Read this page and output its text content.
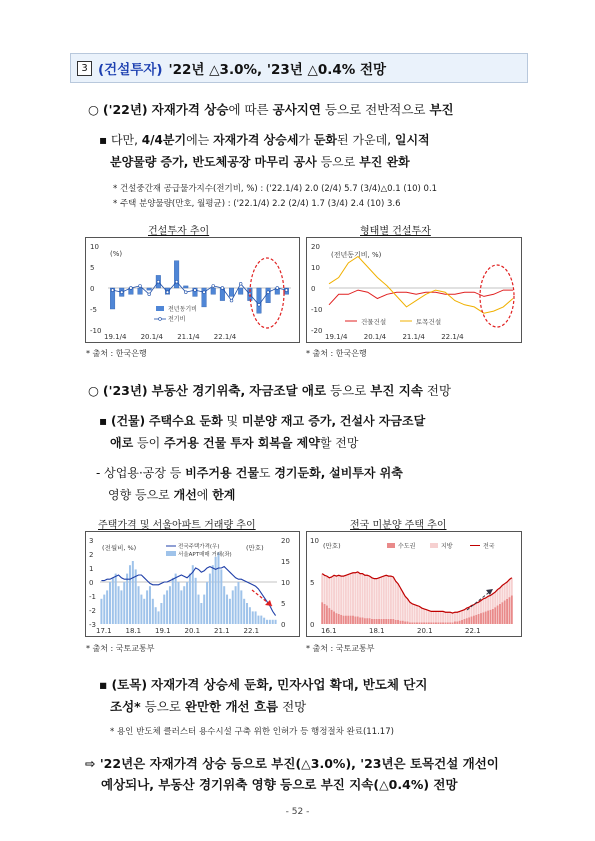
3 (건설투자) '22년 △3.0%, '23년 △0.4% 전망
○ ('22년) 자재가격 상승에 따른 공사지연 등으로 전반적으로 부진
▪ 다만, 4/4분기에는 자재가격 상승세가 둔화된 가운데, 일시적
분양물량 증가, 반도체공장 마무리 공사 등으로 부진 완화
* 건설중간재 공급물가지수(전기비, %) : ('22.1/4) 2.0 (2/4) 5.7 (3/4)△0.1 (10) 0.1
* 주택 분양물량(만호, 월평균) : ('22.1/4) 2.2 (2/4) 1.7 (3/4) 2.4 (10) 3.6
건설투자 추이	형태별 건설투자
10
5
0
-5
-10
(%)
19.1/4 20.1/4 21.1/4 22.1/4
전년동기비
전기비
20
10
0
-10
-20
(전년동기비, %)
19.1/4 20.1/4 21.1/4 22.1/4
건물건설	토목건설
* 출처 : 한국은행	* 출처 : 한국은행
○ ('23년) 부동산 경기위축, 자금조달 애로 등으로 부진 지속 전망
▪ (건물) 주택수요 둔화 및 미분양 재고 증가, 건설사 자금조달
애로 등이 주거용 건물 투자 회복을 제약할 전망
- 상업용·공장 등 비주거용 건물도 경기둔화, 설비투자 위축
영향 등으로 개선에 한계
주택가격 및 서울아파트 거래량 추이	전국 미분양 주택 추이
3
2
1
0
-1
-2
-3
20
15
10
5
0
(전월비, %)	(만호)
전국주택가격(우)
서울APT매매 거래(좌)
17.1 18.1 19.1 20.1 21.1 22.1
10
5
0
(만호)	수도권	지방	전국
16.1	18.1	20.1	22.1
* 출처 : 국토교통부	* 출처 : 국토교통부
▪ (토목) 자재가격 상승세 둔화, 민자사업 확대, 반도체 단지
조성* 등으로 완만한 개선 흐름 전망
* 용인 반도체 클러스터 용수시설 구축 위한 인허가 등 행정절차 완료(11.17)
⇨ '22년은 자재가격 상승 등으로 부진(△3.0%), '23년은 토목건설 개선이
예상되나, 부동산 경기위축 영향 등으로 부진 지속(△0.4%) 전망
- 52 -
